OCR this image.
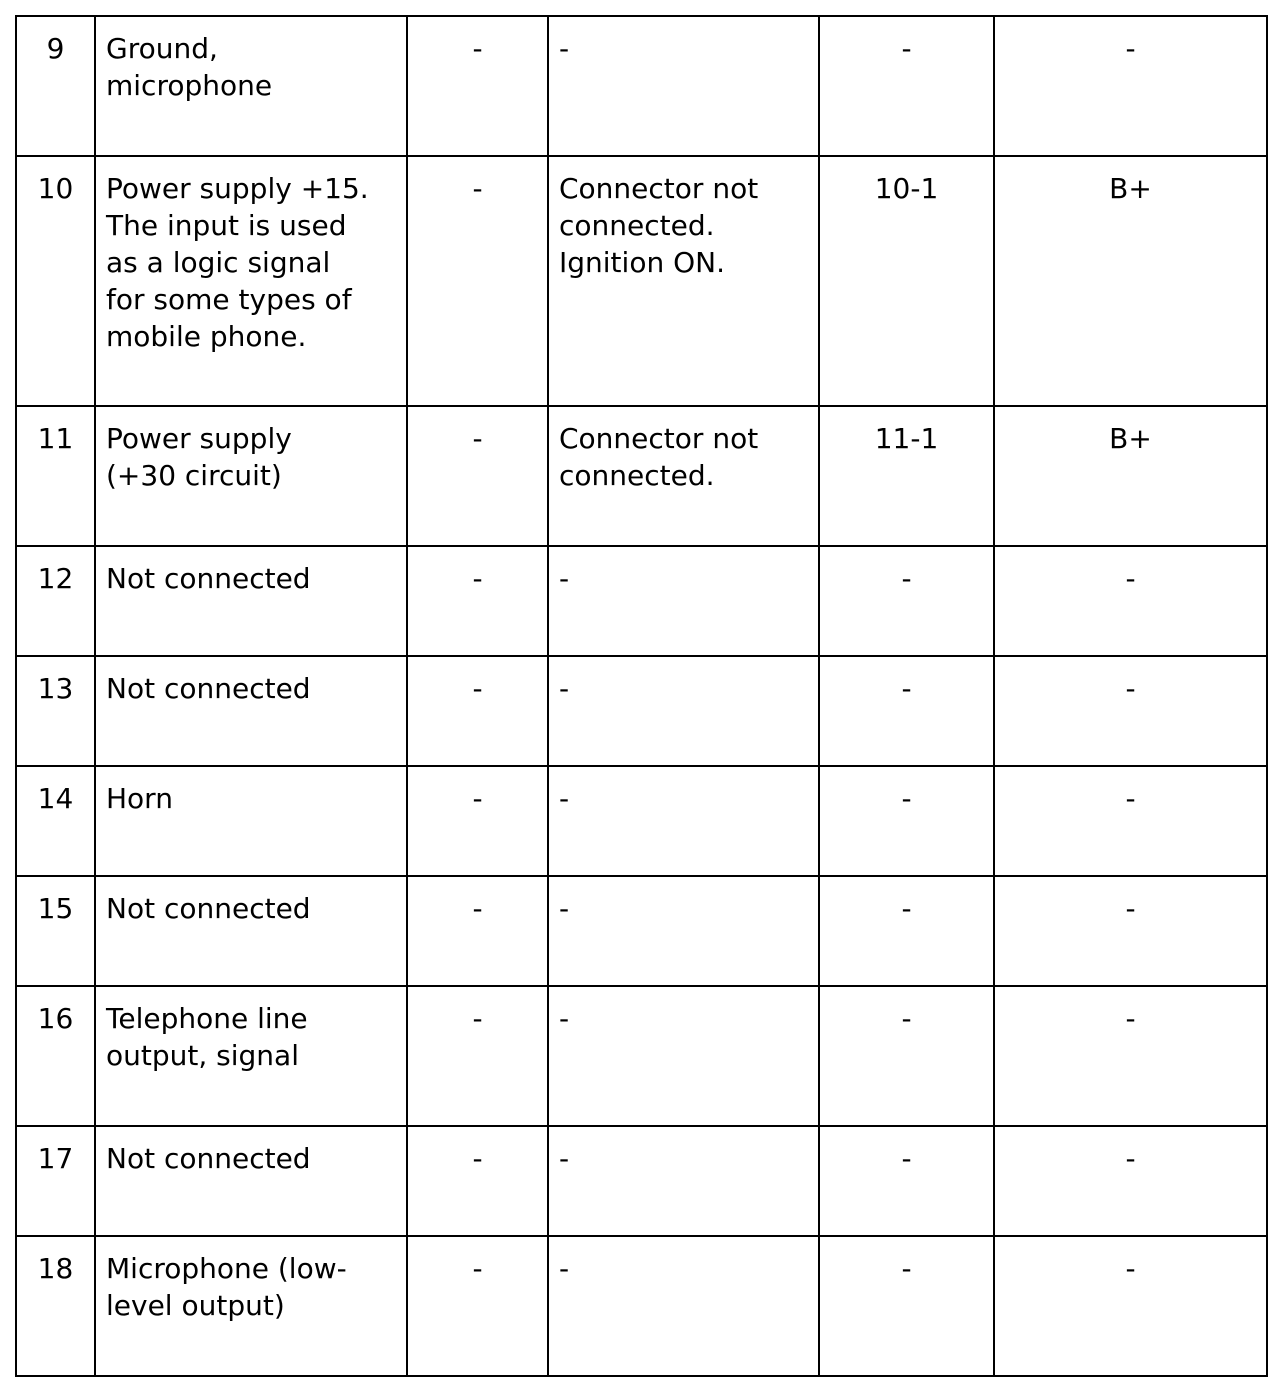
9	Ground,
microphone	-	-	-	-

10	Power supply +15.
The input is used
as a logic signal
for some types of
mobile phone.	-	Connector not
connected.
Ignition ON.	10-1	B+

11	Power supply
(+30 circuit)	-	Connector not
connected.	11-1	B+

12	Not connected	-	-	-	-

13	Not connected	-	-	-	-

14	Horn	-	-	-	-

15	Not connected	-	-	-	-

16	Telephone line
output, signal	-	-	-	-

17	Not connected	-	-	-	-

18	Microphone (low-
level output)	-	-	-	-
